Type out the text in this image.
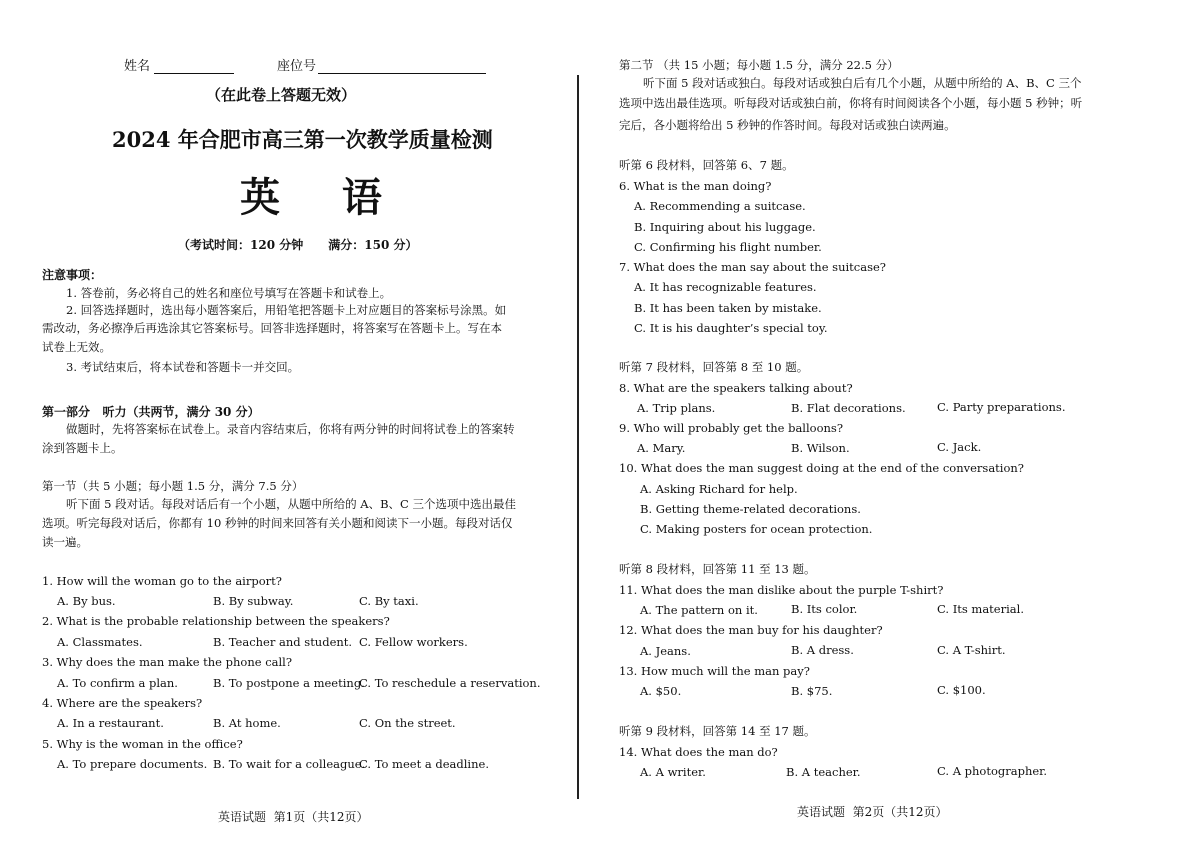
姓名	座位号
（在此卷上答题无效）
2024 年合肥市高三第一次教学质量检测
英 语
（考试时间：120 分钟      满分：150 分）
注意事项：
1. 答卷前，务必将自己的姓名和座位号填写在答题卡和试卷上。
2. 回答选择题时，选出每小题答案后，用铅笔把答题卡上对应题目的答案标号涂黑。如
需改动，务必擦净后再选涂其它答案标号。回答非选择题时，将答案写在答题卡上。写在本
试卷上无效。
3. 考试结束后，将本试卷和答题卡一并交回。
第一部分   听力（共两节，满分 30 分）
做题时，先将答案标在试卷上。录音内容结束后，你将有两分钟的时间将试卷上的答案转
涂到答题卡上。
第一节（共 5 小题；每小题 1.5 分，满分 7.5 分）
听下面 5 段对话。每段对话后有一个小题，从题中所给的 A、B、C 三个选项中选出最佳
选项。听完每段对话后，你都有 10 秒钟的时间来回答有关小题和阅读下一小题。每段对话仅
读一遍。
1. How will the woman go to the airport?
A. By bus.	B. By subway.	C. By taxi.
2. What is the probable relationship between the speakers?
A. Classmates.	B. Teacher and student. C. Fellow workers.
3. Why does the man make the phone call?
A. To confirm a plan.	B. To postpone a meeting.
C. To reschedule a reservation.
4. Where are the speakers?
A. In a restaurant.	B. At home.	C. On the street.
5. Why is the woman in the office?
A. To prepare documents. B. To wait for a colleague.
C. To meet a deadline.
英语试题  第1页（共12页）
第二节 （共 15 小题；每小题 1.5 分，满分 22.5 分）
听下面 5 段对话或独白。每段对话或独白后有几个小题，从题中所给的 A、B、C 三个
选项中选出最佳选项。听每段对话或独白前，你将有时间阅读各个小题，每小题 5 秒钟；听
完后，各小题将给出 5 秒钟的作答时间。每段对话或独白读两遍。
听第 6 段材料，回答第 6、7 题。
6. What is the man doing?
A. Recommending a suitcase.
B. Inquiring about his luggage.
C. Confirming his flight number.
7. What does the man say about the suitcase?
A. It has recognizable features.
B. It has been taken by mistake.
C. It is his daughter’s special toy.
听第 7 段材料，回答第 8 至 10 题。
8. What are the speakers talking about?
A. Trip plans.	B. Flat decorations.	C. Party preparations.
9. Who will probably get the balloons?
A. Mary.	B. Wilson.	C. Jack.
10. What does the man suggest doing at the end of the conversation?
A. Asking Richard for help.
B. Getting theme-related decorations.
C. Making posters for ocean protection.
听第 8 段材料，回答第 11 至 13 题。
11. What does the man dislike about the purple T-shirt?
A. The pattern on it.	B. Its color.	C. Its material.
12. What does the man buy for his daughter?
A. Jeans.	B. A dress.	C. A T-shirt.
13. How much will the man pay?
A. $50.	B. $75.	C. $100.
听第 9 段材料，回答第 14 至 17 题。
14. What does the man do?
A. A writer.	B. A teacher.	C. A photographer.
英语试题  第2页（共12页）
